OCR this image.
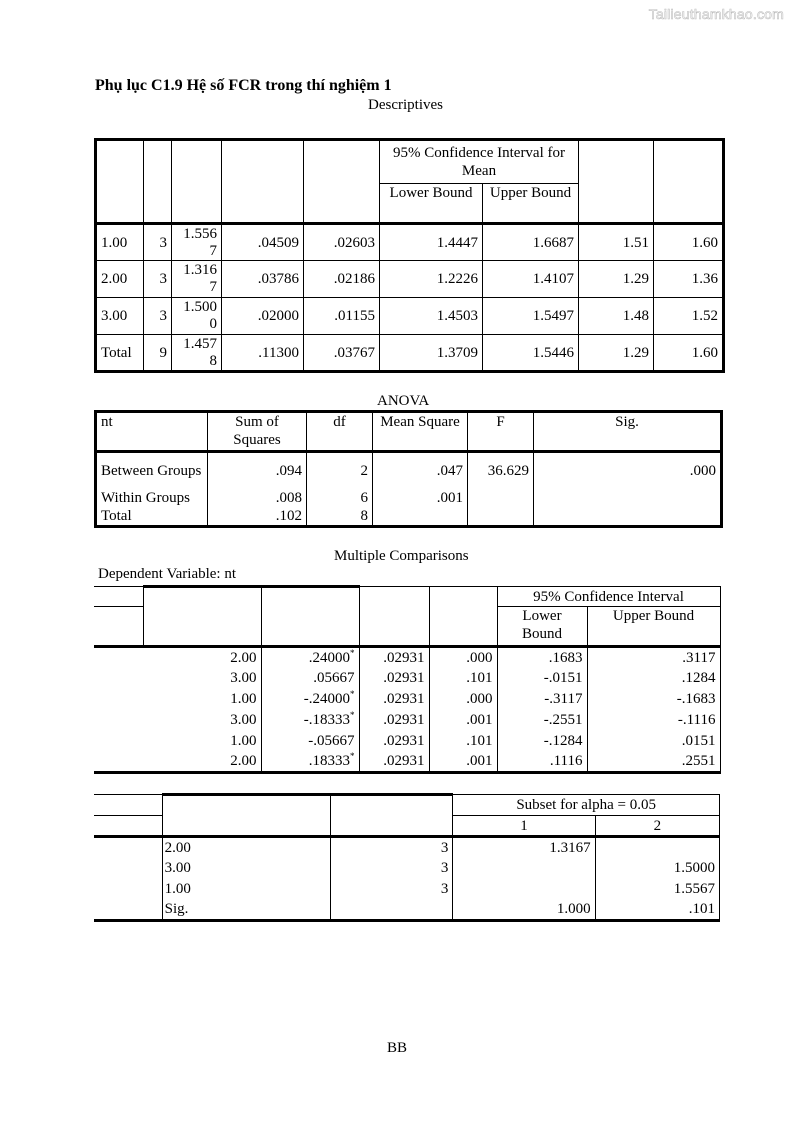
Tailieuthamkhao.com
Phụ lục C1.9 Hệ số FCR trong thí nghiệm 1
Descriptives
					95% Confidence Interval for Mean			
					Lower Bound	Upper Bound		
1.00	3	1.5567	.04509	.02603	1.4447	1.6687	1.51	1.60
2.00	3	1.3167	.03786	.02186	1.2226	1.4107	1.29	1.36
3.00	3	1.5000	.02000	.01155	1.4503	1.5497	1.48	1.52
Total	9	1.4578	.11300	.03767	1.3709	1.5446	1.29	1.60
ANOVA
nt	Sum of Squares	df	Mean Square	F	Sig.
Between Groups	.094	2	.047	36.629	.000
Within Groups	.008	6	.001		
Total	.102	8			
Multiple Comparisons
Dependent Variable: nt
					95% Confidence Interval	
					Lower Bound	Upper Bound
2.00		.24000*	.02931	.000	.1683	.3117
3.00		.05667	.02931	.101	-.0151	.1284
1.00		-.24000*	.02931	.000	-.3117	-.1683
3.00		-.18333*	.02931	.001	-.2551	-.1116
1.00		-.05667	.02931	.101	-.1284	.0151
2.00		.18333*	.02931	.001	.1116	.2551
			Subset for alpha = 0.05	
			1	2
	2.00	3	1.3167	
	3.00	3		1.5000
	1.00	3		1.5567
	Sig.		1.000	.101
BB
